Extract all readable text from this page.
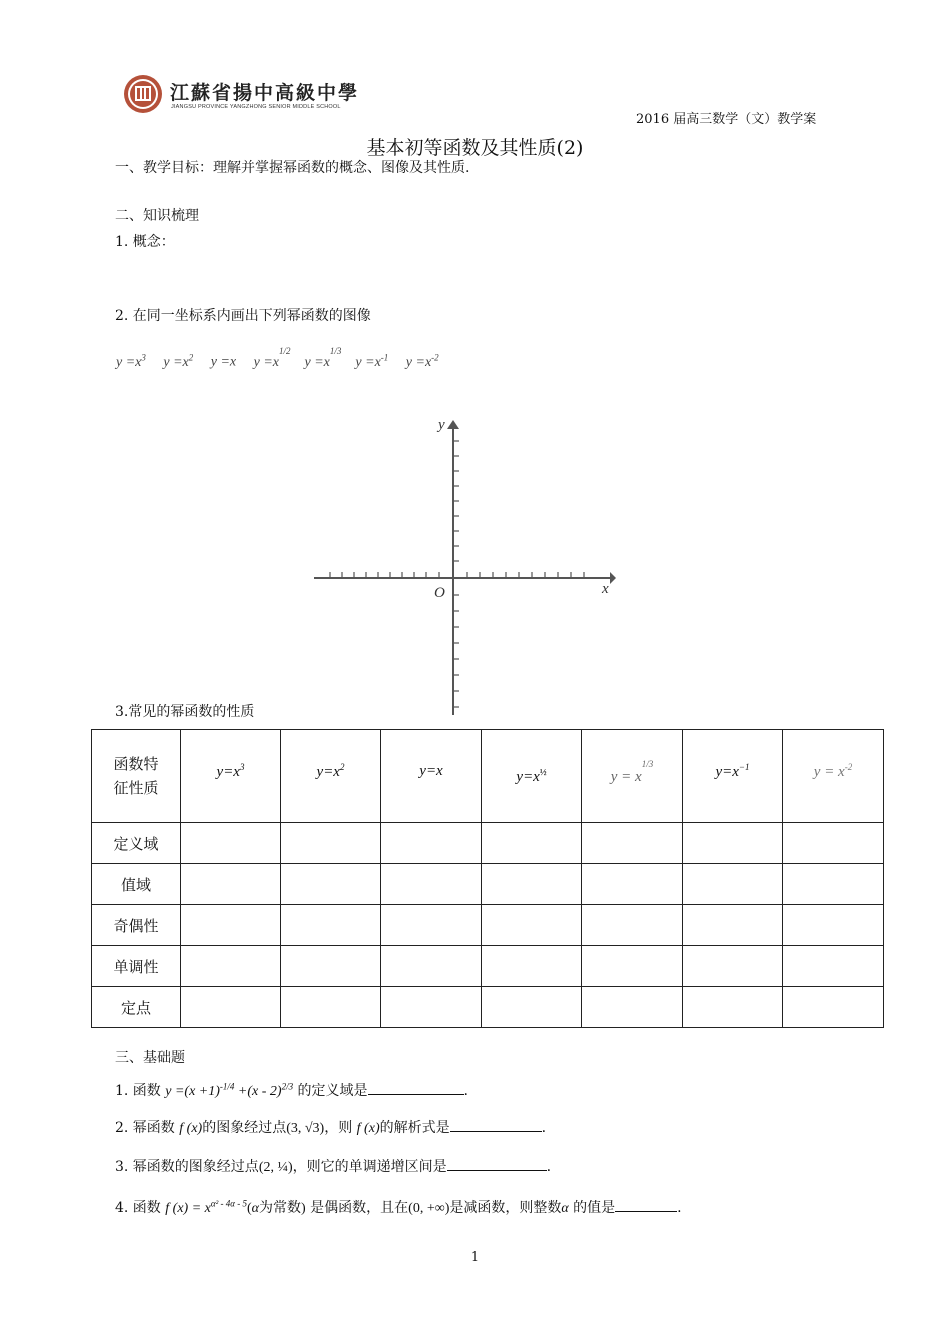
江蘇省揚中高級中學
JIANGSU PROVINCE YANGZHONG SENIOR MIDDLE SCHOOL
2016 届高三数学（文）教学案
基本初等函数及其性质(2)
一、教学目标：理解并掌握幂函数的概念、图像及其性质.
二、知识梳理
1. 概念：
2. 在同一坐标系内画出下列幂函数的图像
$y =x^3$ $y =x^2$ y =x $y =x^{1/2}$    $y =x^{1/3}$    $y =x^{-1}$ $y =x^{-2}$
x
y
O
3.常见的幂函数的性质
函数特
征性质	$y=x^3$	$y=x^2$	y=x	$y=x^{\frac{1}{2}}$	$y = x^{1/3}$	$y=x^{-1}$	$y = x^{-2}$
定义域							
值域							
奇偶性							
单调性							
定点							
三、基础题
1. 函数 $y =(x +1)^{-1/4} +(x - 2)^{2/3}$ 的定义域是	.
2. 幂函数 f (x)的图象经过点(3, √3)，则 f (x)的解析式是	.
3. 幂函数的图象经过点(2, ¼)，则它的单调递增区间是	.
4. 函数 f $(x) = x^{\alpha^2 - 4\alpha - 5}(\alpha$为常数) 是偶函数，且在(0, +∞)是减函数，则整数α 的值是	.
1
